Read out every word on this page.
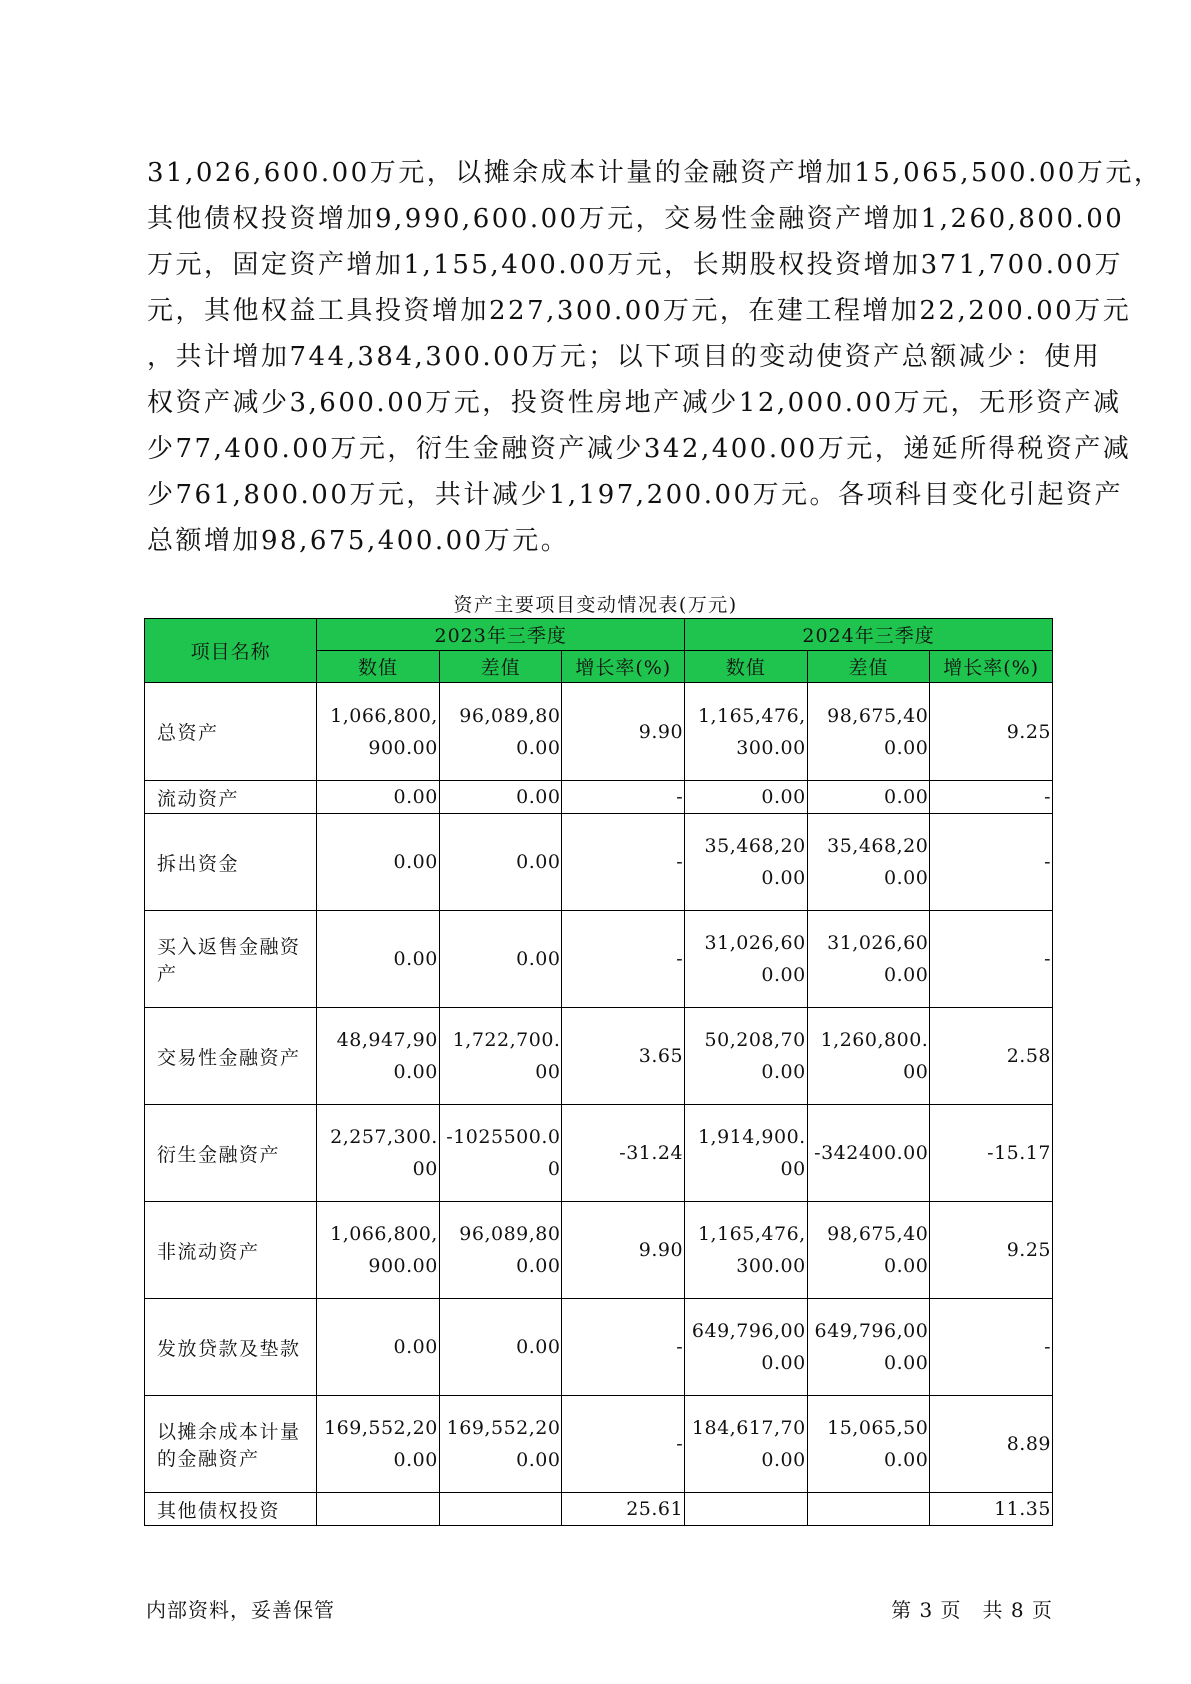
31,026,600.00万元，以摊余成本计量的金融资产增加15,065,500.00万元，
其他债权投资增加9,990,600.00万元，交易性金融资产增加1,260,800.00
万元，固定资产增加1,155,400.00万元，长期股权投资增加371,700.00万
元，其他权益工具投资增加227,300.00万元，在建工程增加22,200.00万元
，共计增加744,384,300.00万元；以下项目的变动使资产总额减少：使用
权资产减少3,600.00万元，投资性房地产减少12,000.00万元，无形资产减
少77,400.00万元，衍生金融资产减少342,400.00万元，递延所得税资产减
少761,800.00万元，共计减少1,197,200.00万元。各项科目变化引起资产
总额增加98,675,400.00万元。

资产主要项目变动情况表(万元)
项目名称	2023年三季度			2024年三季度		
	数值	差值	增长率(%)	数值	差值	增长率(%)
总资产	1,066,800,900.00	96,089,800.00	9.90	1,165,476,300.00	98,675,400.00	9.25
流动资产	0.00	0.00	-	0.00	0.00	-
拆出资金	0.00	0.00	-	35,468,200.00	35,468,200.00	-
买入返售金融资产	0.00	0.00	-	31,026,600.00	31,026,600.00	-
交易性金融资产	48,947,900.00	1,722,700.00	3.65	50,208,700.00	1,260,800.00	2.58
衍生金融资产	2,257,300.00	-1025500.00	-31.24	1,914,900.00	-342400.00	-15.17
非流动资产	1,066,800,900.00	96,089,800.00	9.90	1,165,476,300.00	98,675,400.00	9.25
发放贷款及垫款	0.00	0.00	-	649,796,000.00	649,796,000.00	-
以摊余成本计量的金融资产	169,552,200.00	169,552,200.00	-	184,617,700.00	15,065,500.00	8.89
其他债权投资			25.61			11.35
内部资料，妥善保管	第 3 页　共 8 页
